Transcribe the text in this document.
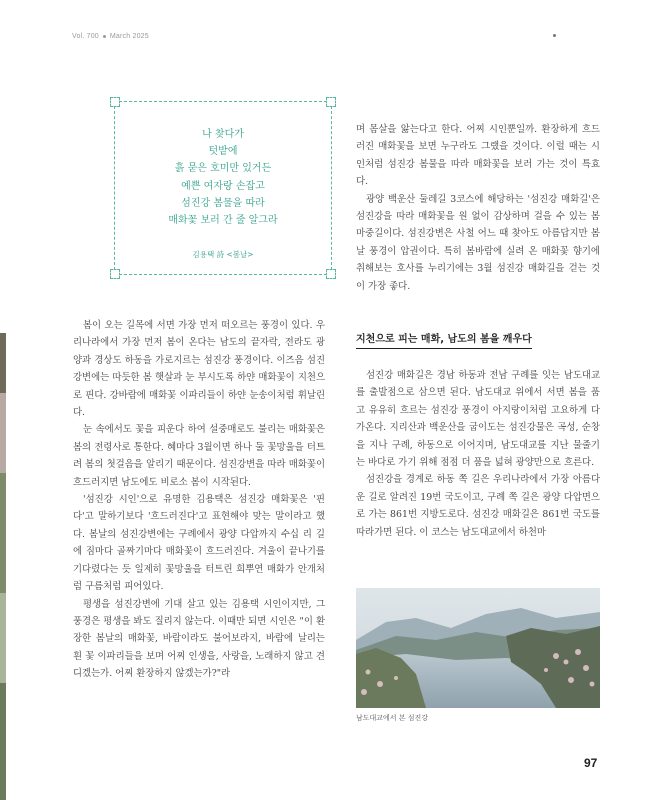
Vol. 700 March 2025
나 찾다가
텃밭에
흙 묻은 호미만 있거든
예쁜 여자랑 손잡고
섬진강 봄물을 따라
매화꽃 보러 간 줄 알그라
김용택 詩 <봄날>

봄이 오는 길목에 서면 가장 먼저 떠오르는 풍경이 있다. 우리나라에서 가장 먼저 봄이 온다는 남도의 끝자락, 전라도 광양과 경상도 하동을 가로지르는 섬진강 풍경이다. 이즈음 섬진강변에는 따듯한 봄 햇살과 눈 부시도록 하얀 매화꽃이 지천으로 핀다. 강바람에 매화꽃 이파리들이 하얀 눈송이처럼 휘날린다.

눈 속에서도 꽃을 피운다 하여 설중매로도 불리는 매화꽃은 봄의 전령사로 통한다. 혜마다 3월이면 하나 둘 꽃망울을 터트려 봄의 첫걸음을 알리기 때문이다. 섬진강변을 따라 매화꽃이 흐드러지면 남도에도 비로소 봄이 시작된다.

'섬진강 시인'으로 유명한 김용택은 섬진강 매화꽃은 '핀다'고 말하기보다 '흐드러진다'고 표현해야 맞는 말이라고 했다. 봄날의 섬진강변에는 구례에서 광양 다압까지 수십 리 길에 짐마다 골짜기마다 매화꽃이 흐드러진다. 겨울이 끝나기를 기다렸다는 듯 일제히 꽃망울을 터트린 희뿌연 매화가 안개처럼 구름처럼 피어있다.

평생을 섬진강변에 기대 살고 있는 김용택 시인이지만, 그 풍경은 평생을 봐도 질리지 않는다. 이때만 되면 시인은 "이 환장한 봄날의 매화꽃, 바람이라도 불어보라지, 바람에 날리는 흰 꽃 이파리들을 보며 어찌 인생을, 사랑을, 노래하지 않고 견디겠는가. 어찌 환장하지 않겠는가?"라

며 몸살을 앓는다고 한다. 어찌 시인뿐일까. 환장하게 흐드러진 매화꽃을 보면 누구라도 그랬을 것이다. 이럴 때는 시인처럼 섬진강 봄물을 따라 매화꽃을 보러 가는 것이 특효다.

광양 백운산 둘레길 3코스에 해당하는 '섬진강 매화길'은 섬진강을 따라 매화꽃을 원 없이 감상하며 걸을 수 있는 봄마중길이다. 섬진강변은 사철 어느 때 찾아도 아름답지만 봄날 풍경이 압권이다. 특히 봄바람에 실려 온 매화꽃 향기에 취해보는 호사를 누리기에는 3월 섬진강 매화길을 걷는 것이 가장 좋다.

지천으로 피는 매화, 남도의 봄을 깨우다

섬진강 매화길은 경남 하동과 전남 구례를 잇는 남도대교를 출발점으로 삼으면 된다. 남도대교 위에서 서면 봄을 품고 유유히 흐르는 섬진강 풍경이 아지랑이처럼 고요하게 다가온다. 지리산과 백운산을 굽이도는 섬진강물은 곡성, 순창을 지나 구례, 하동으로 이어지며, 남도대교를 지난 물줄기는 바다로 가기 위해 점점 더 품을 넓혀 광양만으로 흐른다.

섬진강을 경계로 하동 쪽 길은 우리나라에서 가장 아름다운 길로 알려진 19번 국도이고, 구례 쪽 길은 광양 다압면으로 가는 861번 지방도로다. 섬진강 매화길은 861번 국도를 따라가면 된다. 이 코스는 남도대교에서 하천마

남도대교에서 본 섬진강
97
